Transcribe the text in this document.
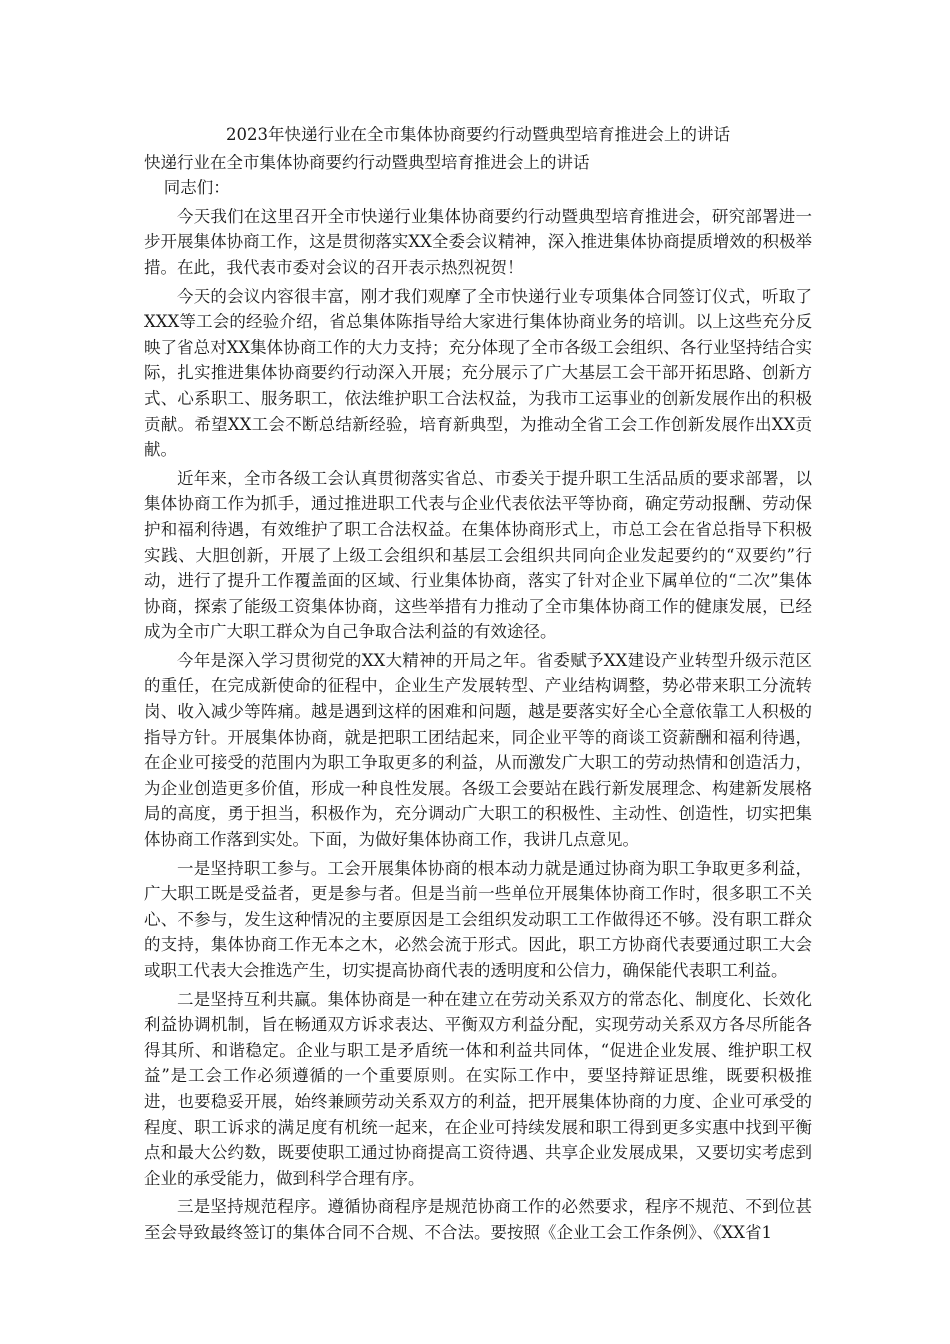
2023年快递行业在全市集体协商要约行动暨典型培育推进会上的讲话

快递行业在全市集体协商要约行动暨典型培育推进会上的讲话

同志们：

今天我们在这里召开全市快递行业集体协商要约行动暨典型培育推进会，研究部署进一步开展集体协商工作，这是贯彻落实XX全委会议精神，深入推进集体协商提质增效的积极举措。在此，我代表市委对会议的召开表示热烈祝贺！

今天的会议内容很丰富，刚才我们观摩了全市快递行业专项集体合同签订仪式，听取了XXX等工会的经验介绍，省总集体陈指导给大家进行集体协商业务的培训。以上这些充分反映了省总对XX集体协商工作的大力支持；充分体现了全市各级工会组织、各行业坚持结合实际，扎实推进集体协商要约行动深入开展；充分展示了广大基层工会干部开拓思路、创新方式、心系职工、服务职工，依法维护职工合法权益，为我市工运事业的创新发展作出的积极贡献。希望XX工会不断总结新经验，培育新典型，为推动全省工会工作创新发展作出XX贡献。

近年来，全市各级工会认真贯彻落实省总、市委关于提升职工生活品质的要求部署，以集体协商工作为抓手，通过推进职工代表与企业代表依法平等协商，确定劳动报酬、劳动保护和福利待遇，有效维护了职工合法权益。在集体协商形式上，市总工会在省总指导下积极实践、大胆创新，开展了上级工会组织和基层工会组织共同向企业发起要约的“双要约”行动，进行了提升工作覆盖面的区域、行业集体协商，落实了针对企业下属单位的“二次”集体协商，探索了能级工资集体协商，这些举措有力推动了全市集体协商工作的健康发展，已经成为全市广大职工群众为自己争取合法利益的有效途径。

今年是深入学习贯彻党的XX大精神的开局之年。省委赋予XX建设产业转型升级示范区的重任，在完成新使命的征程中，企业生产发展转型、产业结构调整，势必带来职工分流转岗、收入减少等阵痛。越是遇到这样的困难和问题，越是要落实好全心全意依靠工人积极的指导方针。开展集体协商，就是把职工团结起来，同企业平等的商谈工资薪酬和福利待遇，在企业可接受的范围内为职工争取更多的利益，从而激发广大职工的劳动热情和创造活力，为企业创造更多价值，形成一种良性发展。各级工会要站在践行新发展理念、构建新发展格局的高度，勇于担当，积极作为，充分调动广大职工的积极性、主动性、创造性，切实把集体协商工作落到实处。下面，为做好集体协商工作，我讲几点意见。

一是坚持职工参与。工会开展集体协商的根本动力就是通过协商为职工争取更多利益，广大职工既是受益者，更是参与者。但是当前一些单位开展集体协商工作时，很多职工不关心、不参与，发生这种情况的主要原因是工会组织发动职工工作做得还不够。没有职工群众的支持，集体协商工作无本之木，必然会流于形式。因此，职工方协商代表要通过职工大会或职工代表大会推选产生，切实提高协商代表的透明度和公信力，确保能代表职工利益。

二是坚持互利共赢。集体协商是一种在建立在劳动关系双方的常态化、制度化、长效化利益协调机制，旨在畅通双方诉求表达、平衡双方利益分配，实现劳动关系双方各尽所能各得其所、和谐稳定。企业与职工是矛盾统一体和利益共同体，“促进企业发展、维护职工权益”是工会工作必须遵循的一个重要原则。在实际工作中，要坚持辩证思维，既要积极推进，也要稳妥开展，始终兼顾劳动关系双方的利益，把开展集体协商的力度、企业可承受的程度、职工诉求的满足度有机统一起来，在企业可持续发展和职工得到更多实惠中找到平衡点和最大公约数，既要使职工通过协商提高工资待遇、共享企业发展成果，又要切实考虑到企业的承受能力，做到科学合理有序。

三是坚持规范程序。遵循协商程序是规范协商工作的必然要求，程序不规范、不到位甚至会导致最终签订的集体合同不合规、不合法。要按照《企业工会工作条例》、《XX省1
